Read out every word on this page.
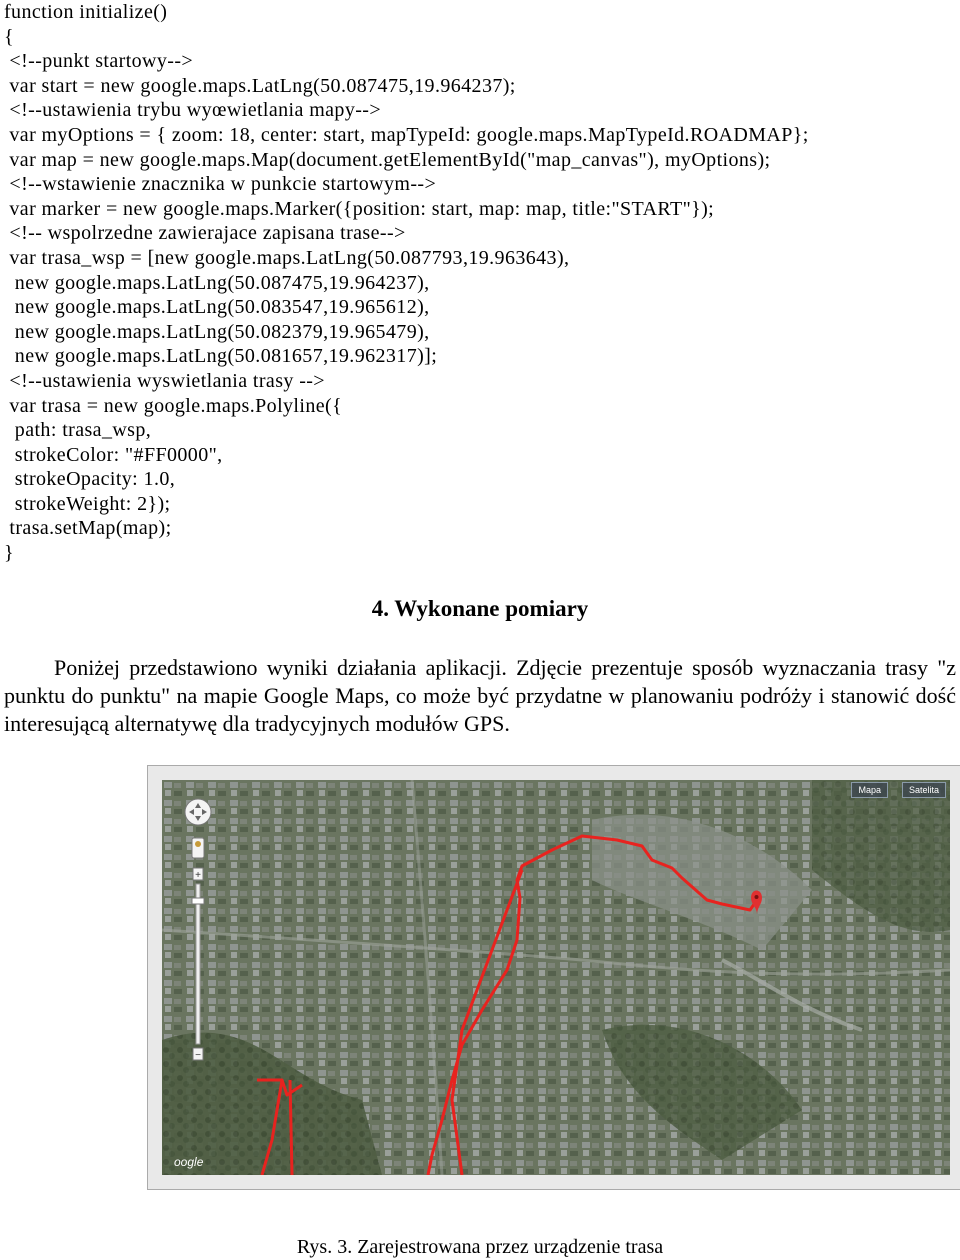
function initialize()
{
<!--punkt startowy-->
var start = new google.maps.LatLng(50.087475,19.964237);
<!--ustawienia trybu wyœwietlania mapy-->
var myOptions = { zoom: 18, center: start, mapTypeId: google.maps.MapTypeId.ROADMAP};
var map = new google.maps.Map(document.getElementById("map_canvas"), myOptions);
<!--wstawienie znacznika w punkcie startowym-->
var marker = new google.maps.Marker({position: start, map: map, title:"START"});
<!-- wspolrzedne zawierajace zapisana trase-->
var trasa_wsp = [new google.maps.LatLng(50.087793,19.963643),
new google.maps.LatLng(50.087475,19.964237),
new google.maps.LatLng(50.083547,19.965612),
new google.maps.LatLng(50.082379,19.965479),
new google.maps.LatLng(50.081657,19.962317)];
<!--ustawienia wyswietlania trasy -->
var trasa = new google.maps.Polyline({
path: trasa_wsp,
strokeColor: "#FF0000",
strokeOpacity: 1.0,
strokeWeight: 2});
trasa.setMap(map);
}
4. Wykonane pomiary

Poniżej przedstawiono wyniki działania aplikacji. Zdjęcie prezentuje sposób wyznaczania trasy "z punktu do punktu" na mapie Google Maps, co może być przydatne w planowaniu podróży i stanowić dość interesującą alternatywę dla tradycyjnych modułów GPS.

+
−
oogle
Mapa	Satelita
Rys. 3. Zarejestrowana przez urządzenie trasa
